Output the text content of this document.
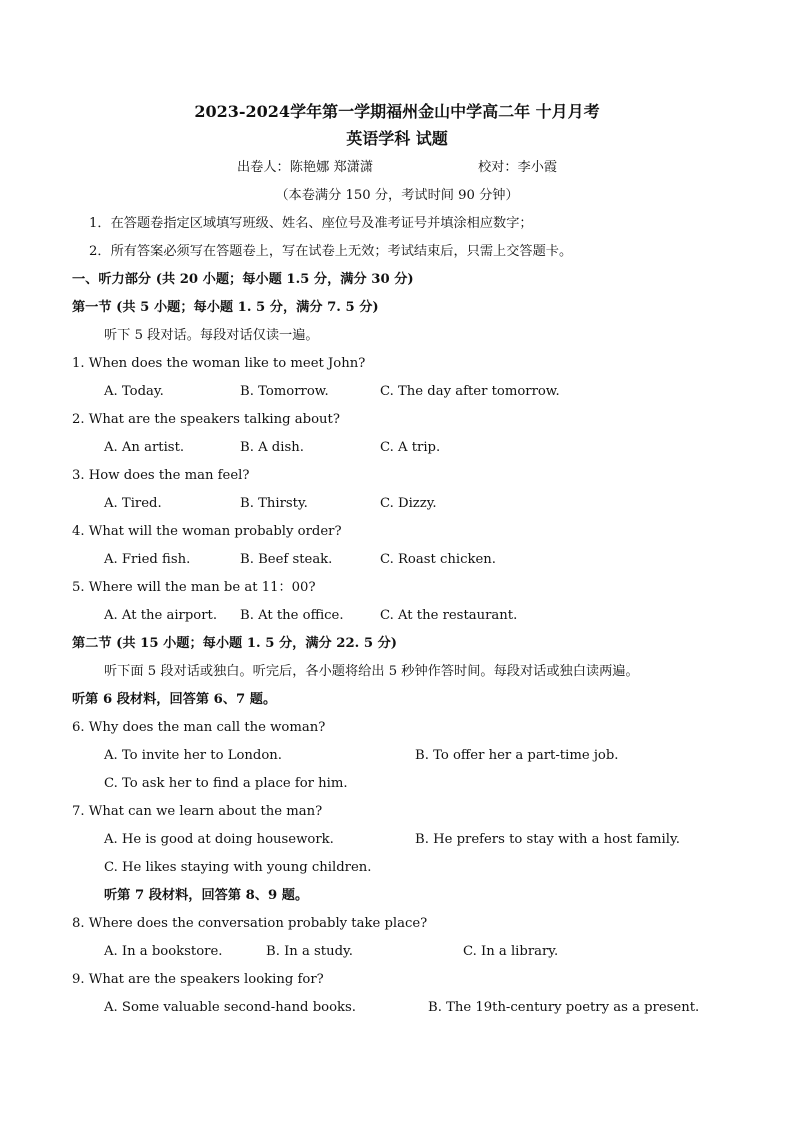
2023-2024学年第一学期福州金山中学高二年 十月月考
英语学科 试题
出卷人：陈艳娜 郑潇潇	校对：李小霞
（本卷满分 150 分，考试时间 90 分钟）
1．在答题卷指定区域填写班级、姓名、座位号及准考证号并填涂相应数字；
2．所有答案必须写在答题卷上，写在试卷上无效；考试结束后，只需上交答题卡。
一、听力部分 (共 20 小题；每小题 1.5 分，满分 30 分)
第一节 (共 5 小题；每小题 1. 5 分，满分 7. 5 分)
听下 5 段对话。每段对话仅读一遍。
1. When does the woman like to meet John?
A. Today.	B. Tomorrow.	C. The day after tomorrow.
2. What are the speakers talking about?
A. An artist.	B. A dish.	C. A trip.
3. How does the man feel?
A. Tired.	B. Thirsty.	C. Dizzy.
4. What will the woman probably order?
A. Fried fish.	B. Beef steak.	C. Roast chicken.
5. Where will the man be at 11：00?
A. At the airport. B. At the office.	C. At the restaurant.
第二节 (共 15 小题；每小题 1. 5 分，满分 22. 5 分)
听下面 5 段对话或独白。听完后，各小题将给出 5 秒钟作答时间。每段对话或独白读两遍。
听第 6 段材料，回答第 6、7 题。
6. Why does the man call the woman?
A. To invite her to London.	B. To offer her a part-time job.
C. To ask her to find a place for him.
7. What can we learn about the man?
A. He is good at doing housework.	B. He prefers to stay with a host family.
C. He likes staying with young children.
听第 7 段材料，回答第 8、9 题。
8. Where does the conversation probably take place?
A. In a bookstore.	B. In a study.	C. In a library.
9. What are the speakers looking for?
A. Some valuable second-hand books.	B. The 19th-century poetry as a present.
